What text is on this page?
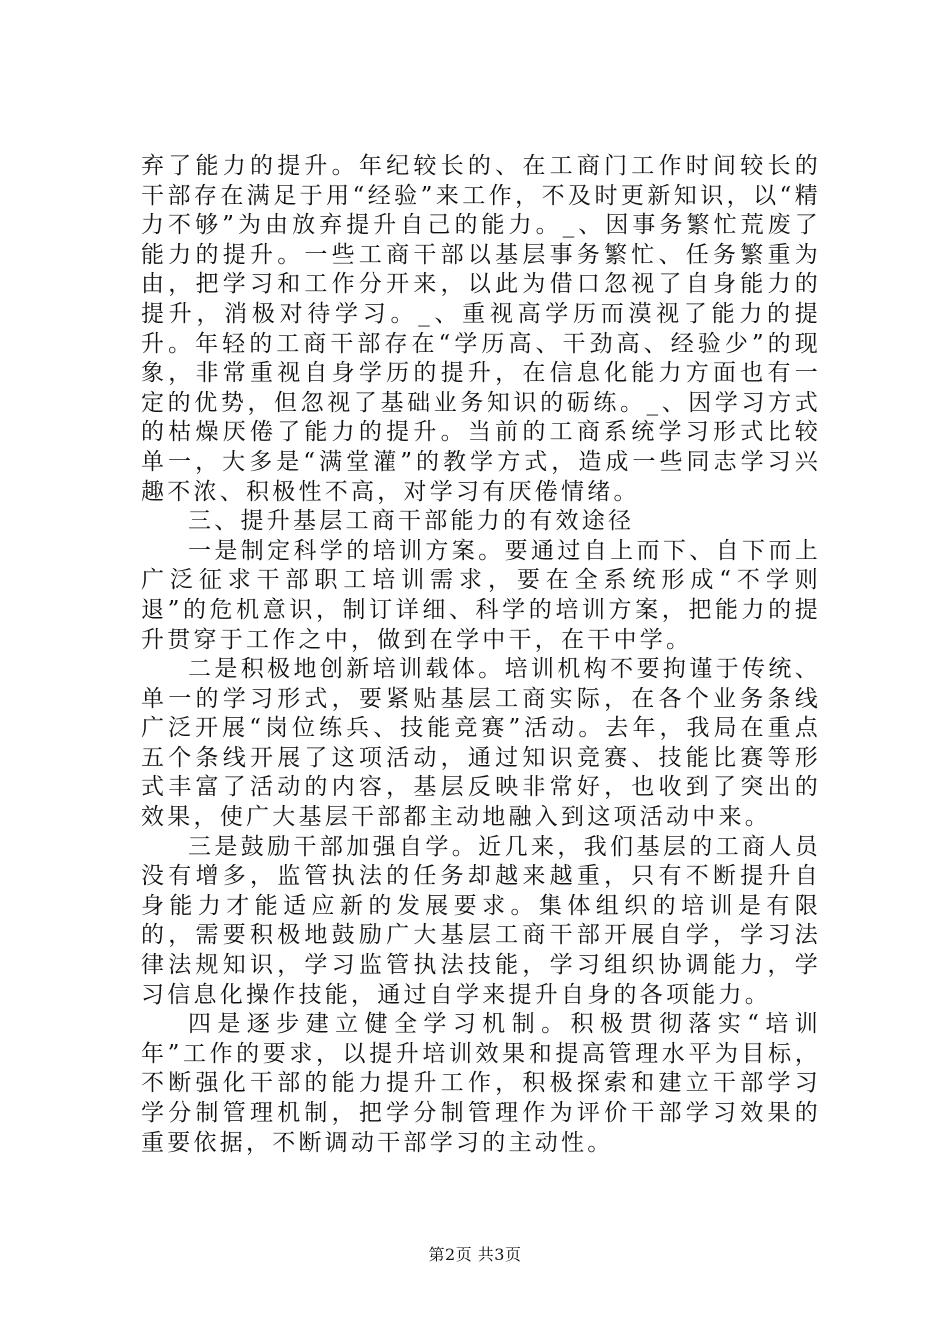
弃了能力的提升。年纪较长的、在工商门工作时间较长的干部存在满足于用“经验”来工作，不及时更新知识，以“精力不够”为由放弃提升自己的能力。_、因事务繁忙荒废了能力的提升。一些工商干部以基层事务繁忙、任务繁重为由，把学习和工作分开来，以此为借口忽视了自身能力的提升，消极对待学习。_、重视高学历而漠视了能力的提升。年轻的工商干部存在“学历高、干劲高、经验少”的现象，非常重视自身学历的提升，在信息化能力方面也有一定的优势，但忽视了基础业务知识的砺练。_、因学习方式的枯燥厌倦了能力的提升。当前的工商系统学习形式比较单一，大多是“满堂灌”的教学方式，造成一些同志学习兴趣不浓、积极性不高，对学习有厌倦情绪。

三、提升基层工商干部能力的有效途径

一是制定科学的培训方案。要通过自上而下、自下而上广泛征求干部职工培训需求，要在全系统形成“不学则退”的危机意识，制订详细、科学的培训方案，把能力的提升贯穿于工作之中，做到在学中干，在干中学。

二是积极地创新培训载体。培训机构不要拘谨于传统、单一的学习形式，要紧贴基层工商实际，在各个业务条线广泛开展“岗位练兵、技能竞赛”活动。去年，我局在重点五个条线开展了这项活动，通过知识竞赛、技能比赛等形式丰富了活动的内容，基层反映非常好，也收到了突出的效果，使广大基层干部都主动地融入到这项活动中来。

三是鼓励干部加强自学。近几来，我们基层的工商人员没有增多，监管执法的任务却越来越重，只有不断提升自身能力才能适应新的发展要求。集体组织的培训是有限的，需要积极地鼓励广大基层工商干部开展自学，学习法律法规知识，学习监管执法技能，学习组织协调能力，学习信息化操作技能，通过自学来提升自身的各项能力。

四是逐步建立健全学习机制。积极贯彻落实“培训年”工作的要求，以提升培训效果和提高管理水平为目标，不断强化干部的能力提升工作，积极探索和建立干部学习学分制管理机制，把学分制管理作为评价干部学习效果的重要依据，不断调动干部学习的主动性。

第2页 共3页
